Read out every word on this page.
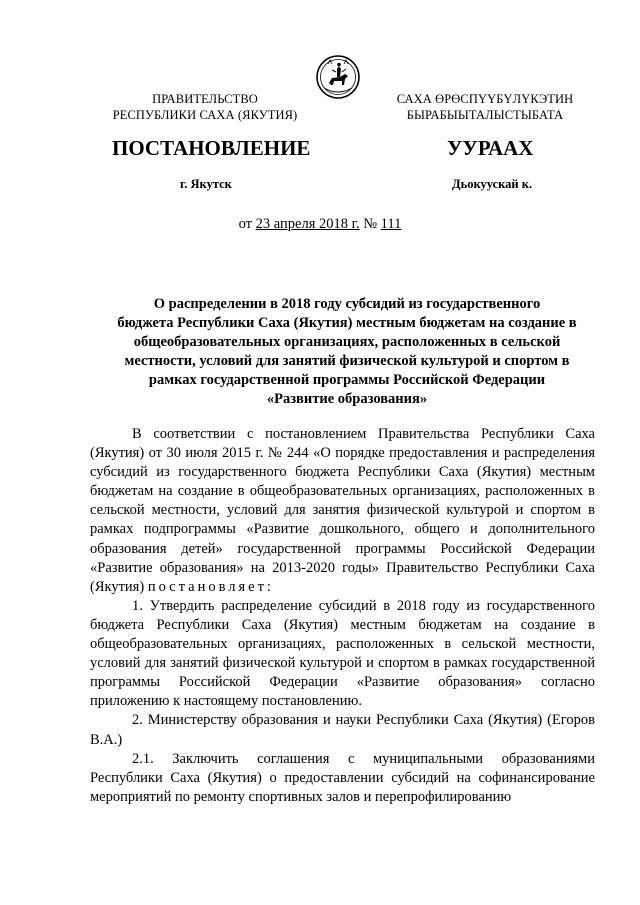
ПРАВИТЕЛЬСТВО
РЕСПУБЛИКИ САХА (ЯКУТИЯ)
САХА ӨРӨСПҮҮБҮЛҮКЭТИН
БЫРАБЫЫТАЛЫСТЫБАТА
ПОСТАНОВЛЕНИЕ	УУРААХ
г. Якутск	Дьокуускай к.
от 23 апреля 2018 г. № 111
О распределении в 2018 году субсидий из государственного
бюджета Республики Саха (Якутия) местным бюджетам на создание в
общеобразовательных организациях, расположенных в сельской
местности, условий для занятий физической культурой и спортом в
рамках государственной программы Российской Федерации
«Развитие образования»

В соответствии с постановлением Правительства Республики Саха (Якутия) от 30 июля 2015 г. № 244 «О порядке предоставления и распределения субсидий из государственного бюджета Республики Саха (Якутия) местным бюджетам на создание в общеобразовательных организациях, расположенных в сельской местности, условий для занятия физической культурой и спортом в рамках подпрограммы «Развитие дошкольного, общего и дополнительного образования детей» государственной программы Российской Федерации «Развитие образования» на 2013-2020 годы» Правительство Республики Саха (Якутия) постановляет:

1. Утвердить распределение субсидий в 2018 году из государственного бюджета Республики Саха (Якутия) местным бюджетам на создание в общеобразовательных организациях, расположенных в сельской местности, условий для занятий физической культурой и спортом в рамках государственной программы Российской Федерации «Развитие образования» согласно приложению к настоящему постановлению.

2. Министерству образования и науки Республики Саха (Якутия) (Егоров В.А.)

2.1. Заключить соглашения с муниципальными образованиями Республики Саха (Якутия) о предоставлении субсидий на софинансирование мероприятий по ремонту спортивных залов и перепрофилированию
